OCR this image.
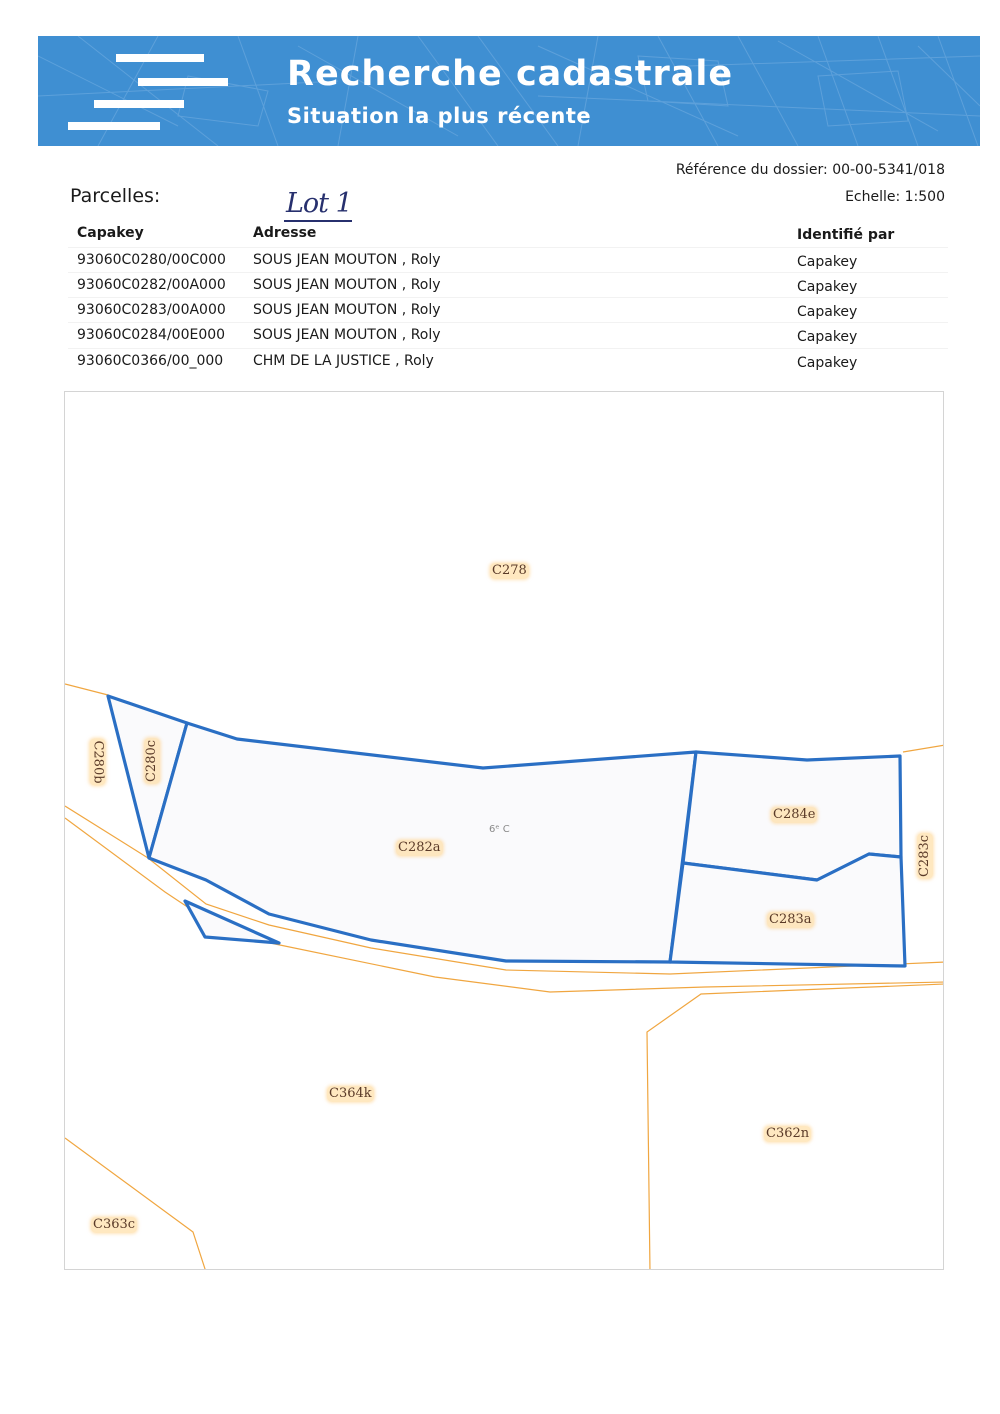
Recherche cadastrale
Situation la plus récente
Référence du dossier: 00-00-5341/018
Echelle: 1:500
Parcelles:	Lot 1
Capakey	Adresse	Identifié par
93060C0280/00C000 SOUS JEAN MOUTON , Roly	Capakey
93060C0282/00A000 SOUS JEAN MOUTON , Roly	Capakey
93060C0283/00A000 SOUS JEAN MOUTON , Roly	Capakey
93060C0284/00E000 SOUS JEAN MOUTON , Roly	Capakey
93060C0366/00_000 CHM DE LA JUSTICE , Roly	Capakey
C278
C280b	C280c
C282a
6ᵉ C
C284e
C283a
C283c
C364k
C362n
C363c
